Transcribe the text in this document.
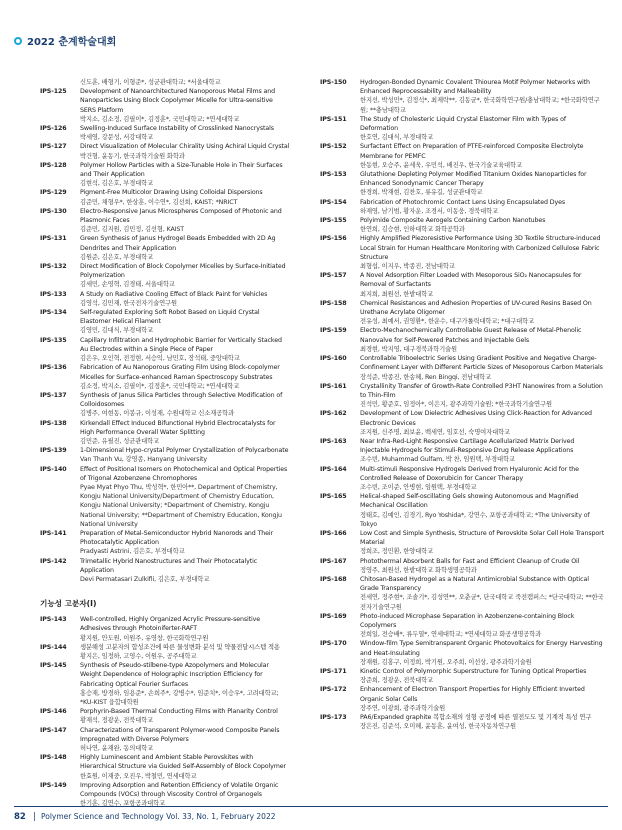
2022 춘계학술대회
신도훈, 배형기, 이형준*, 성균관대학교; *서울대학교
IPS-125	Development of Nanoarchitectured Nanoporous Metal Films and Nanoparticles Using Block Copolymer Micelle for Ultra-sensitive SERS Platform
박지소, 김소정, 김필이*, 김정훈*, 국민대학교; *연세대학교
IPS-126	Swelling-Induced Surface Instability of Crosslinked Nanocrystals
박세영, 강문성, 서강대학교
IPS-127	Direct Visualization of Molecular Chirality Using Achiral Liquid Crystal
박건형, 윤동기, 한국과학기술원 화학과
IPS-128	Polymer Hollow Particles with a Size-Tunable Hole in Their Surfaces and Their Application
김현석, 김은호, 부경대학교
IPS-129	Pigment-Free Multicolor Drawing Using Colloidal Dispersions
김준민, 채형우*, 한상훈, 이수연*, 김선희, KAIST; *NRICT
IPS-130	Electro-Responsive Janus Microspheres Composed of Photonic and Plasmonic Faces
김준민, 김지원, 김민정, 김선형, KAIST
IPS-131	Green Synthesis of Janus Hydrogel Beads Embedded with 2D Ag Dendrites and Their Application
김원준, 김은호, 부경대학교
IPS-132	Direct Modification of Block Copolymer Micelles by Surface-Initiated Polymerization
김세민, 손영혁, 김경태, 서울대학교
IPS-133	A Study on Radiative Cooling Effect of Black Paint for Vehicles
김영석, 김민재, 한국전자기술연구원
IPS-134	Self-regulated Exploring Soft Robot Based on Liquid Crystal Elastomer Helical Filament
김영민, 김대식, 부경대학교
IPS-135	Capillary Infiltration and Hydrophobic Barrier for Vertically Stacked Au Electrodes within a Single Piece of Paper
김은우, 오인혁, 전정현, 서승익, 남민호, 장석태, 중앙대학교
IPS-136	Fabrication of Au Nanoporous Grating Film Using Block-copolymer Micelles for Surface-enhanced Raman Spectroscopy Substrates
김소정, 박지소, 김필이*, 김정훈*, 국민대학교; *연세대학교
IPS-137	Synthesis of Janus Silica Particles through Selective Modification of Colloidosomes
김병주, 여현동, 이봉규, 이성재, 수원대학교 신소재공학과
IPS-138	Kirkendall Effect Induced Bifunctional Hybrid Electrocatalysts for High Performance Overall Water Splitting
김민준, 유필진, 성균관대학교
IPS-139	1-Dimensional Hypo-crystal Polymer Crystallization of Polycarbonate
Van Thanh Vu, 강영종, Hanyang University
IPS-140	Effect of Positional Isomers on Photochemical and Optical Properties of Trigonal Azobenzene Chromophores
Pyae Myat Phyo Thu, 박성혁*, 한민아**, Department of Chemistry, Kongju National University/Department of Chemistry Education, Kongju National University; *Department of Chemistry, Kongju National University; **Department of Chemistry Education, Kongju National University
IPS-141	Preparation of Metal-Semiconductor Hybrid Nanorods and Their Photocatalytic Application
Pradyasti Astrini, 김은호, 부경대학교
IPS-142	Trimetallic Hybrid Nanostructures and Their Photocatalytic Application
Devi Permatasari Zulkifli, 김은호, 부경대학교
기능성 고분자(I)
IPS-143	Well-controlled, Highly Organized Acrylic Pressure-sensitive Adhesives through Photoiniferter-RAFT
황지원, 안도원, 이원주, 유영창, 한국화학연구원
IPS-144	생분해성 고분자의 합성조건에 따른 물성변화 분석 및 약물전달시스템 적용
황지은, 임정하, 고영수, 이원우, 공주대학교
IPS-145	Synthesis of Pseudo-stilbene-type Azopolymers and Molecular Weight Dependence of Holographic Inscription Efficiency for Fabricating Optical Fourier Surfaces
홍승재, 방경하, 임용준*, 손희주*, 강병수*, 임준치*, 이승우*, 고려대학교; *KU-KIST 융합대학원
IPS-146	Porphyrin-Based Thermal Conducting Films with Planarity Control
황재석, 정광운, 전북대학교
IPS-147	Characterizations of Transparent Polymer-wood Composite Panels Impregnated with Diverse Polymers
허나연, 윤재완, 동의대학교
IPS-148	Highly Luminescent and Ambient Stable Perovskites with Hierarchical Structure via Guided Self-Assembly of Block Copolymer
한효원, 이재중, 오진우, 박철민, 연세대학교
IPS-149	Improving Adsorption and Retention Efficiency of Volatile Organic Compounds (VOCs) through Viscosity Control of Organogels
한기훈, 김연수, 포항공과대학교
IPS-150	Hydrogen-Bonded Dynamic Covalent Thiourea Motif Polymer Networks with Enhanced Reprocessability and Malleability
한지선, 박성민*, 김정석*, 최제락**, 김동균*, 한국화학연구원/충남대학교; *한국화학연구원; **충남대학교
IPS-151	The Study of Cholesteric Liquid Crystal Elastomer Film with Types of Deformation
한호연, 김대식, 부경대학교
IPS-152	Surfactant Effect on Preparation of PTFE-reinforced Composite Electrolyte Membrane for PEMFC
한동현, 오승주, 윤세욱, 우민석, 배진우, 한국기술교육대학교
IPS-153	Glutathione Depleting Polymer Modified Titanium Oxides Nanoparticles for Enhanced Sonodynamic Cancer Therapy
한경희, 박재현, 김찬호, 류유길, 성균관대학교
IPS-154	Fabrication of Photochromic Contact Lens Using Encapsulated Dyes
하재영, 남기범, 황자운, 조경서, 이동웅, 경북대학교
IPS-155	Polyimide Composite Aerogels Containing Carbon Nanotubes
한연희, 김승현, 인하대학교 화학공학과
IPS-156	Highly Amplified Piezoresistive Performance Using 3D Textile Structure-induced Local Strain for Human Healthcare Monitoring with Carbonized Cellulose Fabric Structure
최형섭, 이지우, 박종진, 전남대학교
IPS-157	A Novel Adsorption Filter Loaded with Mesoporous SiO₂ Nanocapsules for Removal of Surfactants
최지희, 최원선, 한밭대학교
IPS-158	Chemical Resistances and Adhesion Properties of UV-cured Resins Based On Urethane Acrylate Oligomer
전유성, 최예서, 권영환*, 한운수, 대구가톨릭대학교; *대구대학교
IPS-159	Electro-Mechanochemically Controllable Guest Release of Metal-Phenolic Nanovalve for Self-Powered Patches and Injectable Gels
최경현, 박지영, 대구경북과학기술원
IPS-160	Controllable Triboelectric Series Using Gradient Positive and Negative Charge-Confinement Layer with Different Particle Sizes of Mesoporous Carbon Materials
장석준, 박종진, 한송혜, Ren Bingqi, 전남대학교
IPS-161	Crystallinity Transfer of Growth-Rate Controlled P3HT Nanowires from a Solution to Thin-Film
진석민, 황준호, 임정아*, 이은지, 광주과학기술원; *한국과학기술연구원
IPS-162	Development of Low Dielectric Adhesives Using Click-Reaction for Advanced Electronic Devices
조지원, 신주명, 최보윤, 백세연, 임호선, 숙명여자대학교
IPS-163	Near Infra-Red-Light Responsive Cartilage Acellularized Matrix Derived Injectable Hydrogels for Stimuli-Responsive Drug Release Applications
조수빈, Muhammad Gulfam, 박 찬, 임원택, 부경대학교
IPS-164	Multi-stimuli Responsive Hydrogels Derived from Hyaluronic Acid for the Controlled Release of Doxorubicin for Cancer Therapy
조수빈, 조이준, 안병현, 임원택, 부경대학교
IPS-165	Helical-shaped Self-oscillating Gels showing Autonomous and Magnified Mechanical Oscillation
정태호, 김예인, 김경기, Ryo Yoshida*, 강연수, 포항공과대학교; *The University of Tokyo
IPS-166	Low Cost and Simple Synthesis, Structure of Perovskite Solar Cell Hole Transport Material
정희조, 정민환, 한양대학교
IPS-167	Photothermal Absorbent Balls for Fast and Efficient Cleanup of Crude Oil
정영주, 최원선, 한밭대학교 화학생명공학과
IPS-168	Chitosan-Based Hydrogel as a Natural Antimicrobial Substance with Optical Grade Transparency
전세연, 정주현*, 조솔기*, 김성연**, 오춘균*, 단국대학교 죽전캠퍼스; *단국대학교; **한국전자기술연구원
IPS-169	Photo-induced Microphase Separation in Azobenzene-containing Block Copolymers
전희일, 전승배*, 류두열*, 연세대학교; *연세대학교 화공생명공학과
IPS-170	Window-film Type Semitransparent Organic Photovoltaics for Energy Harvesting and Heat-Insulating
장재원, 김홍구, 이정희, 박기원, 오주희, 이선상, 광주과학기술원
IPS-171	Kinetic Control of Polymorphic Superstructure for Tuning Optical Properties
장준희, 정광운, 전북대학교
IPS-172	Enhancement of Electron Transport Properties for Highly Efficient Inverted Organic Solar Cells
장주연, 이광희, 광주과학기술원
IPS-173	PA6/Expanded graphite 복합소재의 성형 공정에 따른 열전도도 및 기계적 특성 연구
장은진, 김준석, 오미혜, 윤동훈, 윤여성, 한국자동차연구원
82 | Polymer Science and Technology Vol. 33, No. 1, February 2022
